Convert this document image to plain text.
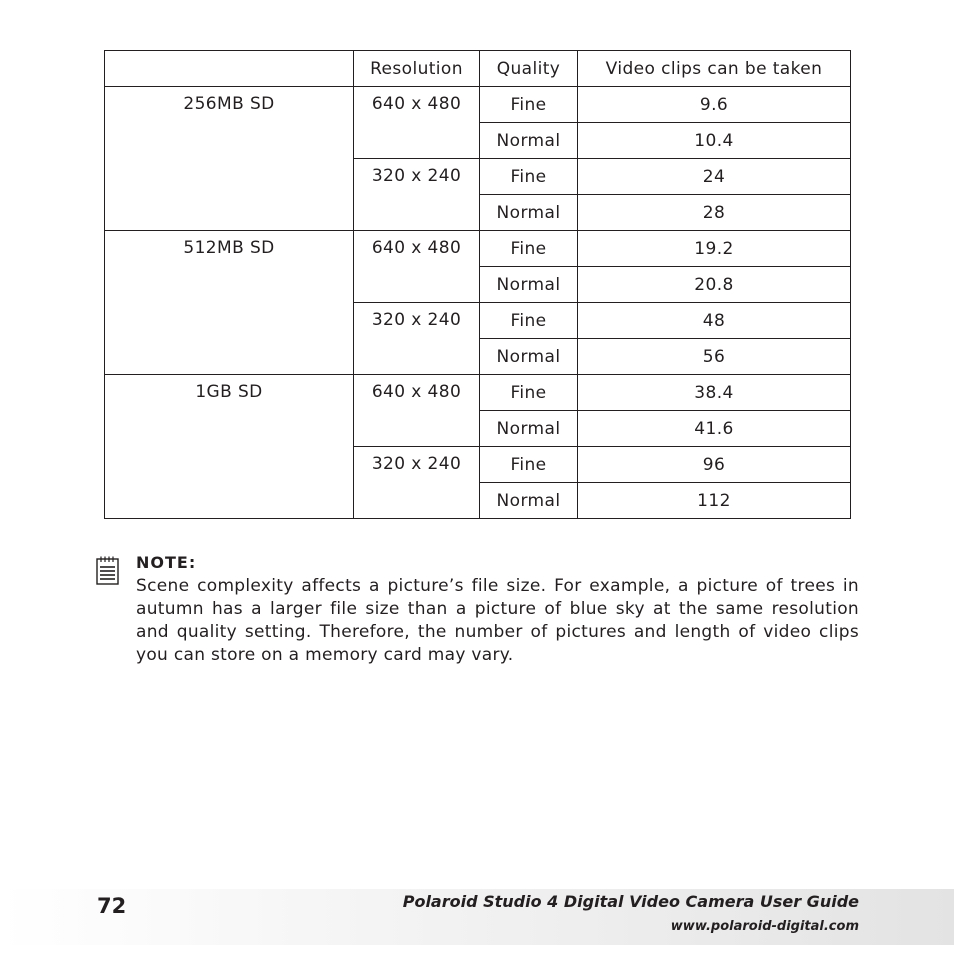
	Resolution	Quality	Video clips can be taken
256MB SD	640 x 480	Fine	9.6
		Normal	10.4
	320 x 240	Fine	24
		Normal	28
512MB SD	640 x 480	Fine	19.2
		Normal	20.8
	320 x 240	Fine	48
		Normal	56
1GB SD	640 x 480	Fine	38.4
		Normal	41.6
	320 x 240	Fine	96
		Normal	112
NOTE:
Scene complexity affects a picture’s file size. For example, a picture of trees in autumn has a larger file size than a picture of blue sky at the same resolution and quality setting. Therefore, the number of pictures and length of video clips you can store on a memory card may vary.
72	Polaroid Studio 4 Digital Video Camera User Guide
www.polaroid-digital.com
